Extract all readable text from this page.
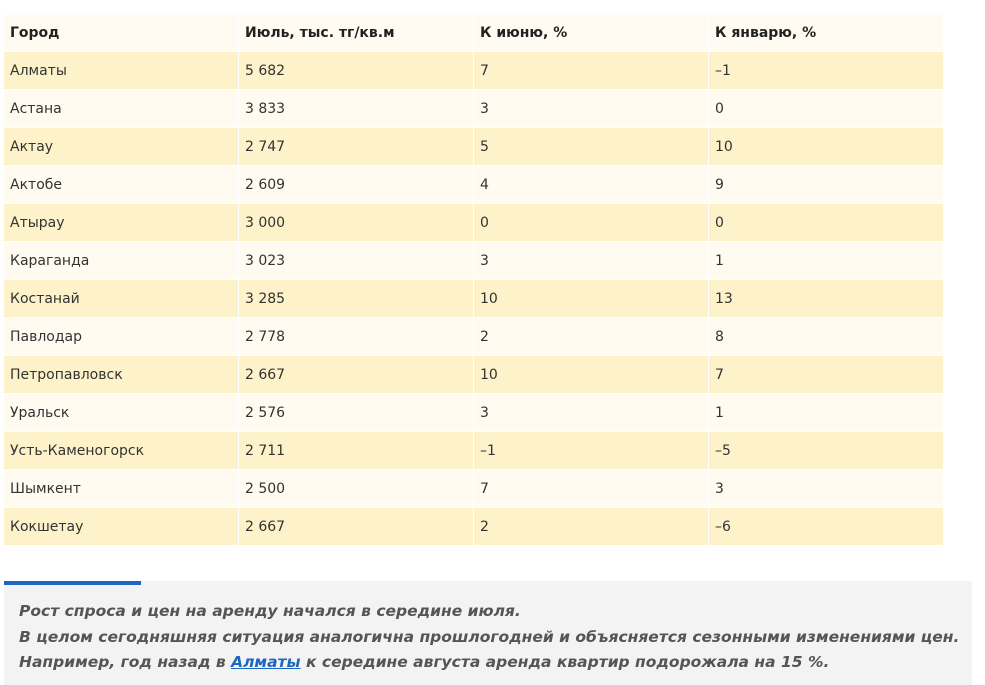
Город	Июль, тыс. тг/кв.м	К июню, %	К январю, %
Алматы	5 682	7	–1
Астана	3 833	3	0
Актау	2 747	5	10
Актобе	2 609	4	9
Атырау	3 000	0	0
Караганда	3 023	3	1
Костанай	3 285	10	13
Павлодар	2 778	2	8
Петропавловск	2 667	10	7
Уральск	2 576	3	1
Усть-Каменогорск	2 711	–1	–5
Шымкент	2 500	7	3
Кокшетау	2 667	2	–6

Рост спроса и цен на аренду начался в середине июля.

В целом сегодняшняя ситуация аналогична прошлогодней и объясняется сезонными изменениями цен.

Например, год назад в Алматы к середине августа аренда квартир подорожала на 15 %.
